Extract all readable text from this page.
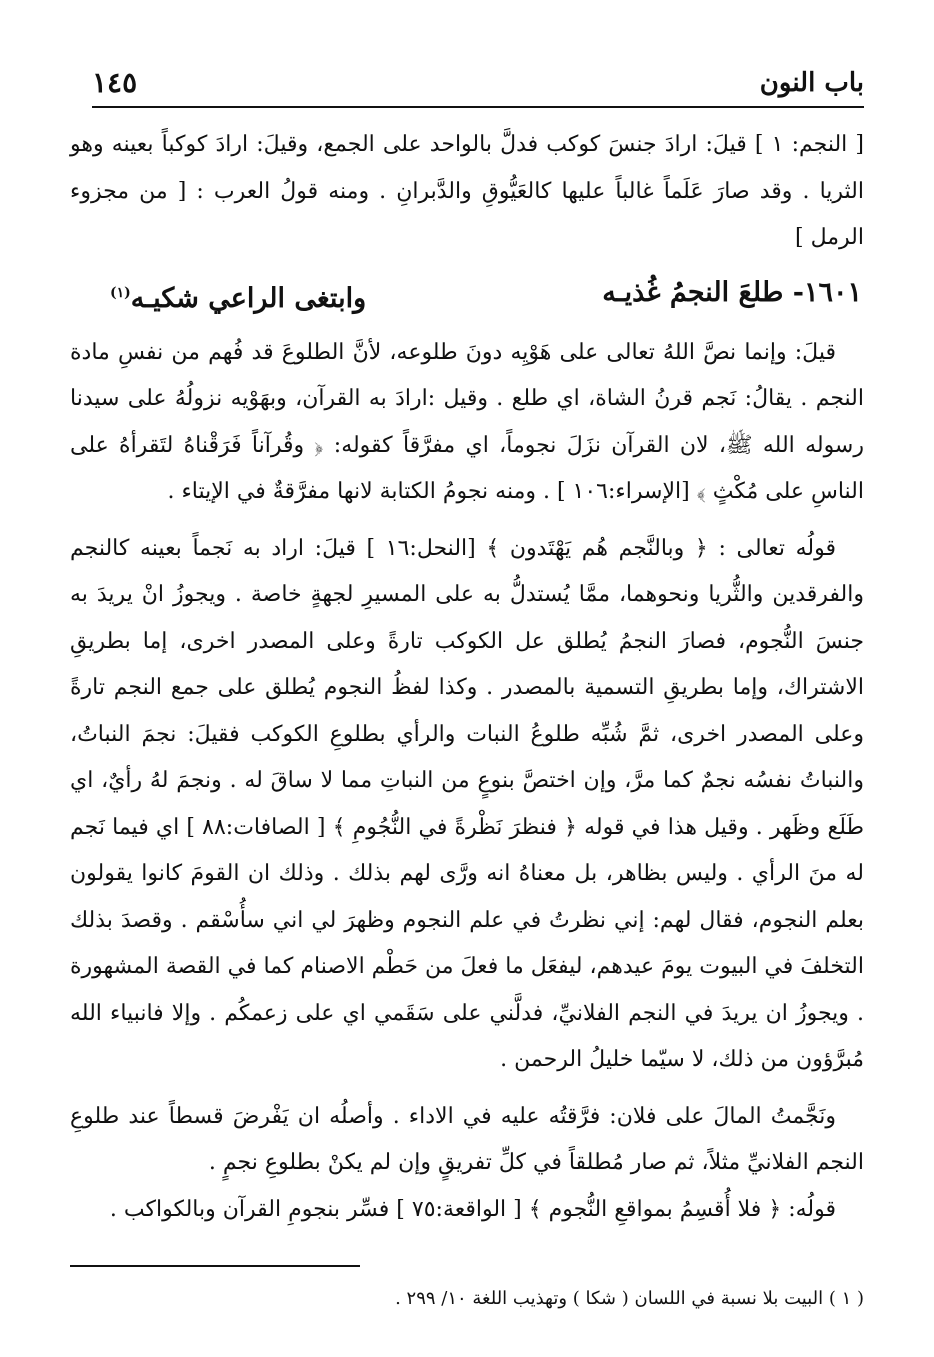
باب النون
١٤٥

[ النجم: ١ ] قيلَ: ارادَ جنسَ كوكب فدلَّ بالواحد على الجمع، وقيلَ: ارادَ كوكباً بعينه وهو الثريا . وقد صارَ عَلَماً غالباً عليها كالعَيُّوقِ والدَّبرانِ . ومنه قولُ العرب : [ من مجزوء الرمل ]

١٦٠١- طلعَ النجمُ غُذيـه
وابتغى الراعي شكيـه$^{(١)}$

قيلَ: وإنما نصَّ اللهُ تعالى على هَوْيِه دونَ طلوعه، لأنَّ الطلوعَ قد فُهم من نفسِ مادة النجم . يقالُ: نَجم قرنُ الشاة، اي طلع . وقيل :ارادَ به القرآن، وبهَوْيه نزولُهُ على سيدنا رسوله الله ﷺ، لان القرآن نزَلَ نجوماً، اي مفرَّقاً كقوله: ﴿ وقُرآناً فَرَقْناهُ لتَقرأهُ على الناسِ على مُكْثٍ ﴾ [الإسراء:١٠٦ ] . ومنه نجومُ الكتابة لانها مفرَّقةٌ في الإيتاء .

قولُه تعالى : ﴿ وبالنَّجم هُم يَهْتَدون ﴾ [النحل:١٦ ] قيلَ: اراد به نَجماً بعينه كالنجم والفرقدين والثُّريا ونحوهما، ممَّا يُستدلُّ به على المسيرِ لجهةٍ خاصة . ويجوزُ انْ يريدَ به جنسَ النُّجوم، فصارَ النجمُ يُطلق عل الكوكب تارةً وعلى المصدر اخرى، إما بطريقِ الاشتراك، وإما بطريقِ التسمية بالمصدر . وكذا لفظُ النجوم يُطلق على جمع النجم تارةً وعلى المصدر اخرى، ثمَّ شُبِّه طلوعُ النبات والرأي بطلوعِ الكوكب فقيلَ: نجمَ النباتُ، والنباتُ نفسُه نجمٌ كما مرَّ، وإن اختصَّ بنوعٍ من النباتِ مما لا ساقَ له . ونجمَ لهُ رأيٌ، اي طَلَع وظَهر . وقيل هذا في قوله ﴿ فنظرَ نَظْرةً في النُّجُومِ ﴾ [ الصافات:٨٨ ] اي فيما نَجم له منَ الرأي . وليس بظاهر، بل معناهُ انه ورَّى لهم بذلك . وذلك ان القومَ كانوا يقولون بعلم النجوم، فقال لهم: إني نظرتُ في علم النجوم وظهرَ لي اني سأُسْقم . وقصدَ بذلك التخلفَ في البيوت يومَ عيدهم، ليفعَل ما فعلَ من حَطْم الاصنام كما في القصة المشهورة . ويجوزُ ان يريدَ في النجم الفلانيِّ، فدلَّني على سَقَمي اي على زعمكُم . وإلا فانبياء الله مُبرَّؤون من ذلك، لا سيّما خليلُ الرحمن .

ونَجَّمتُ المالَ على فلان: فرَّقتُه عليه في الاداء . وأصلُه ان يَفْرضَ قسطاً عند طلوعِ النجم الفلانيِّ مثلاً، ثم صار مُطلقاً في كلِّ تفريقٍ وإن لم يكنْ بطلوعِ نجمٍ .

قولُه: ﴿ فلا أُقسِمُ بمواقعِ النُّجوم ﴾ [ الواقعة:٧٥ ] فسِّر بنجومِ القرآن وبالكواكب .

( ١ ) البيت بلا نسبة في اللسان ( شكا ) وتهذيب اللغة ١٠/ ٢٩٩ .
